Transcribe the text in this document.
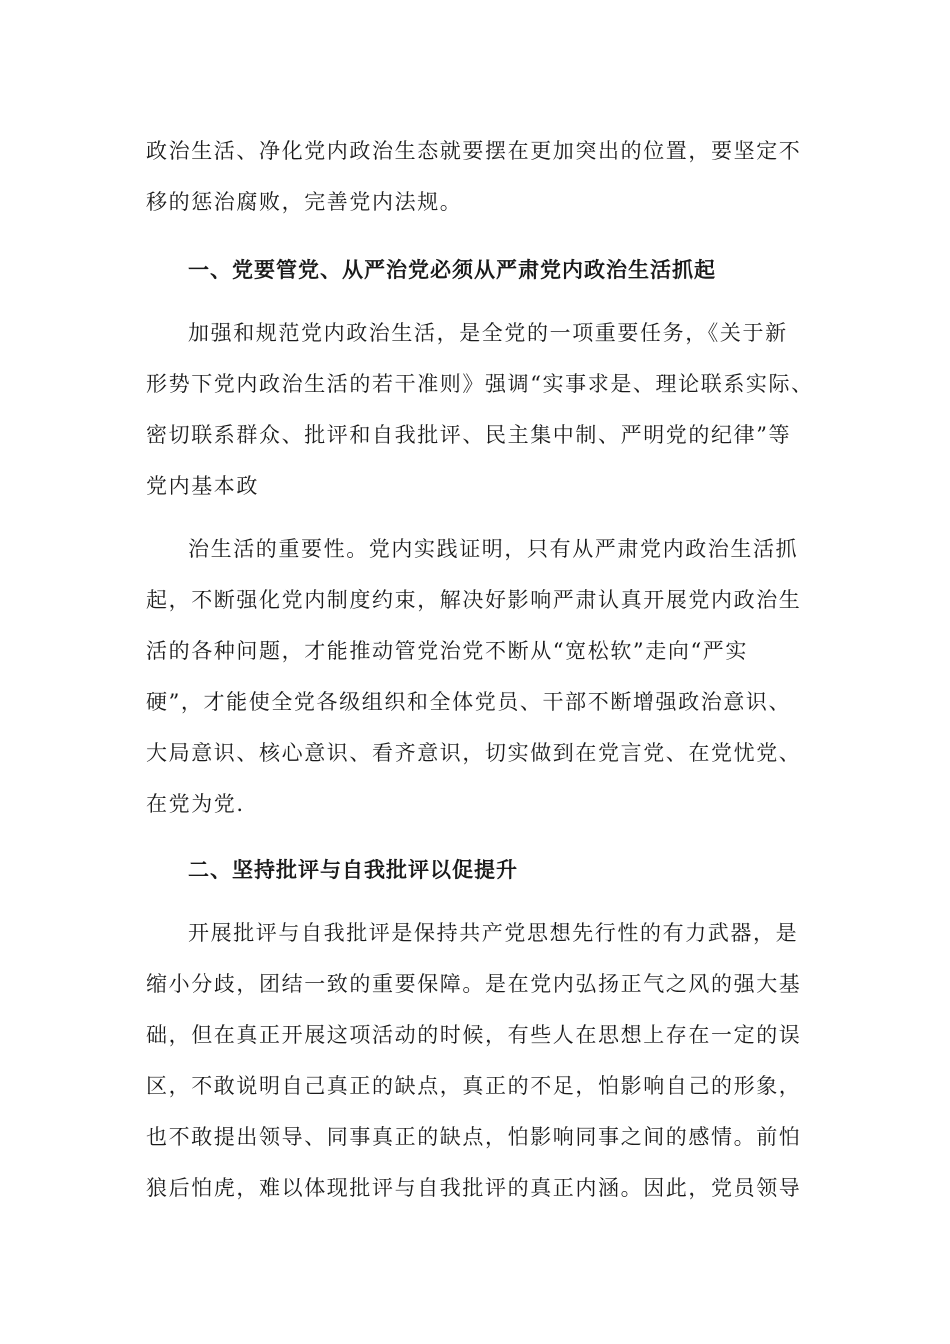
政治生活、净化党内政治生态就要摆在更加突出的位置，要坚定不
移的惩治腐败，完善党内法规。
一、党要管党、从严治党必须从严肃党内政治生活抓起
加强和规范党内政治生活，是全党的一项重要任务，《关于新
形势下党内政治生活的若干准则》强调“实事求是、理论联系实际、
密切联系群众、批评和自我批评、民主集中制、严明党的纪律”等
党内基本政
治生活的重要性。党内实践证明，只有从严肃党内政治生活抓
起，不断强化党内制度约束，解决好影响严肃认真开展党内政治生
活的各种问题，才能推动管党治党不断从“宽松软”走向“严实
硬”，才能使全党各级组织和全体党员、干部不断增强政治意识、
大局意识、核心意识、看齐意识，切实做到在党言党、在党忧党、
在党为党.
二、坚持批评与自我批评以促提升
开展批评与自我批评是保持共产党思想先行性的有力武器，是
缩小分歧，团结一致的重要保障。是在党内弘扬正气之风的强大基
础，但在真正开展这项活动的时候，有些人在思想上存在一定的误
区，不敢说明自己真正的缺点，真正的不足，怕影响自己的形象，
也不敢提出领导、同事真正的缺点，怕影响同事之间的感情。前怕
狼后怕虎，难以体现批评与自我批评的真正内涵。因此，党员领导
